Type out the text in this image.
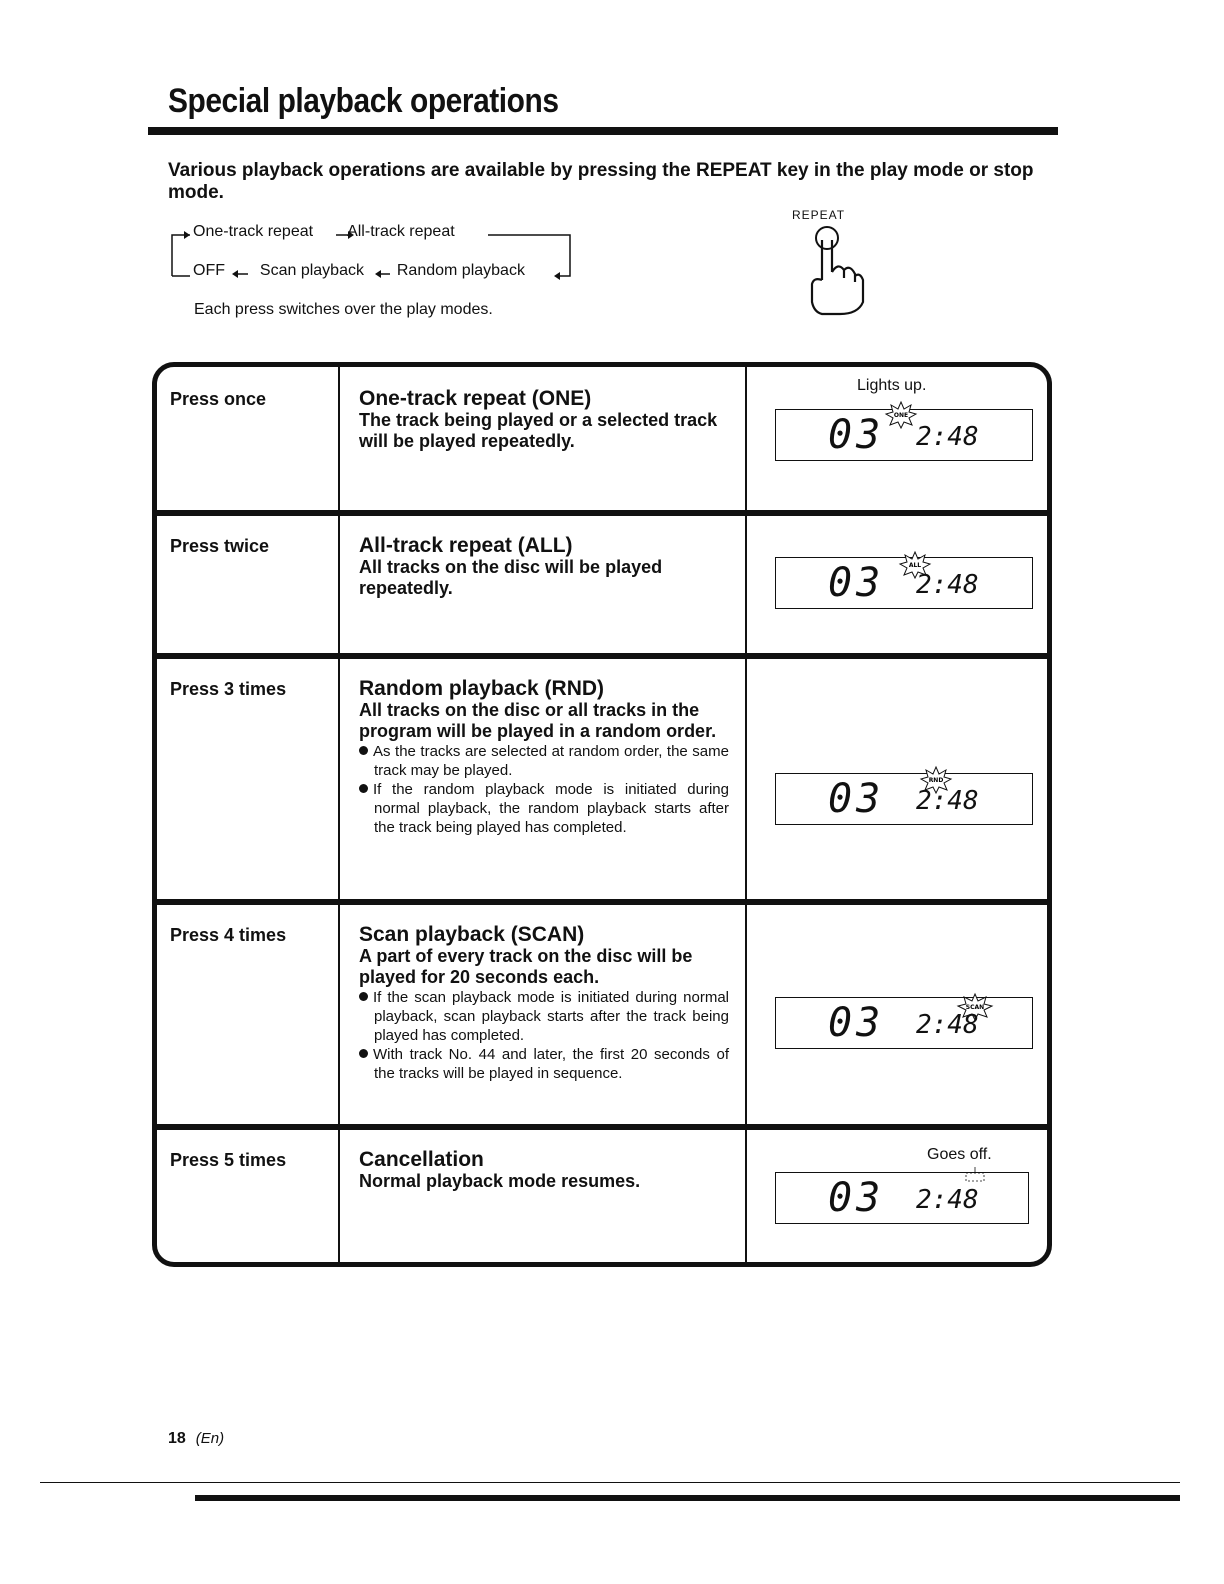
Special playback operations
Various playback operations are available by pressing the REPEAT key in the play mode or stop mode.
One-track repeat All-track repeat
OFF Scan playback Random playback
Each press switches over the play modes.
REPEAT
Press once	One-track repeat (ONE)
The track being played or a selected track will be played repeatedly.
Lights up.
03 ONE
2:48
Press twice	All-track repeat (ALL)
All tracks on the disc will be played repeatedly.	03	ALL
2:48
Press 3 times	Random playback (RND)
All tracks on the disc or all tracks in the program will be played in a random order.
As the tracks are selected at random order, the same track may be played.
If the random playback mode is initiated during normal playback, the random playback starts after the track being played has completed.
03	RND
2:48
Press 4 times	Scan playback (SCAN)
A part of every track on the disc will be played for 20 seconds each.
If the scan playback mode is initiated during normal playback, scan playback starts after the track being played has completed.
With track No. 44 and later, the first 20 seconds of the tracks will be played in sequence.
03	SCAN
2:48
Press 5 times	Cancellation
Normal playback mode resumes.
Goes off.
03 2:48
18 (En)
